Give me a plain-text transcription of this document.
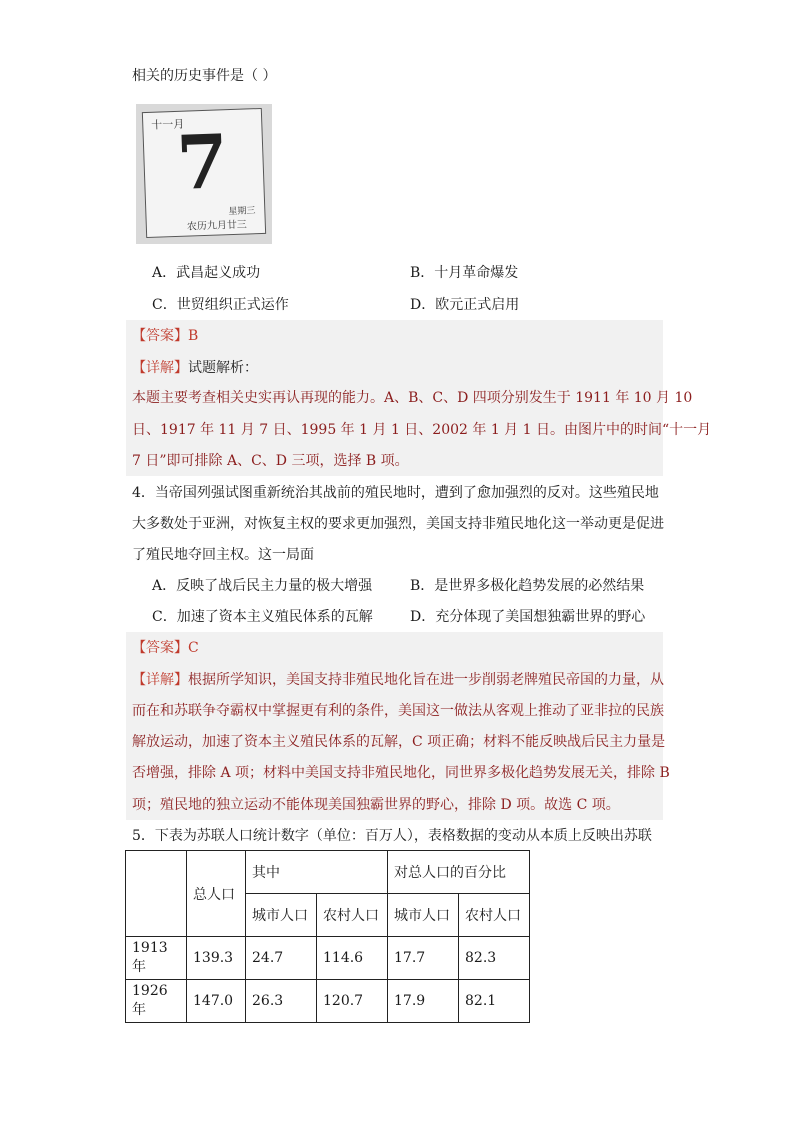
相关的历史事件是（ ）
十一月
7
星期三
农历九月廿三
A．武昌起义成功	B．十月革命爆发
C．世贸组织正式运作	D．欧元正式启用
【答案】B
【详解】试题解析：
本题主要考查相关史实再认再现的能力。A、B、C、D 四项分别发生于 1911 年 10 月 10
日、1917 年 11 月 7 日、1995 年 1 月 1 日、2002 年 1 月 1 日。由图片中的时间“十一月
7 日”即可排除 A、C、D 三项，选择 B 项。
4．当帝国列强试图重新统治其战前的殖民地时，遭到了愈加强烈的反对。这些殖民地
大多数处于亚洲，对恢复主权的要求更加强烈，美国支持非殖民地化这一举动更是促进
了殖民地夺回主权。这一局面
A．反映了战后民主力量的极大增强	B．是世界多极化趋势发展的必然结果
C．加速了资本主义殖民体系的瓦解	D．充分体现了美国想独霸世界的野心
【答案】C
【详解】根据所学知识，美国支持非殖民地化旨在进一步削弱老牌殖民帝国的力量，从
而在和苏联争夺霸权中掌握更有利的条件，美国这一做法从客观上推动了亚非拉的民族
解放运动，加速了资本主义殖民体系的瓦解，C 项正确；材料不能反映战后民主力量是
否增强，排除 A 项；材料中美国支持非殖民地化，同世界多极化趋势发展无关，排除 B
项；殖民地的独立运动不能体现美国独霸世界的野心，排除 D 项。故选 C 项。
5．下表为苏联人口统计数字（单位：百万人），表格数据的变动从本质上反映出苏联
	总人口	其中		对总人口的百分比	
		城市人口	农村人口	城市人口	农村人口
1913 年	139.3	24.7	114.6	17.7	82.3
1926 年	147.0	26.3	120.7	17.9	82.1
